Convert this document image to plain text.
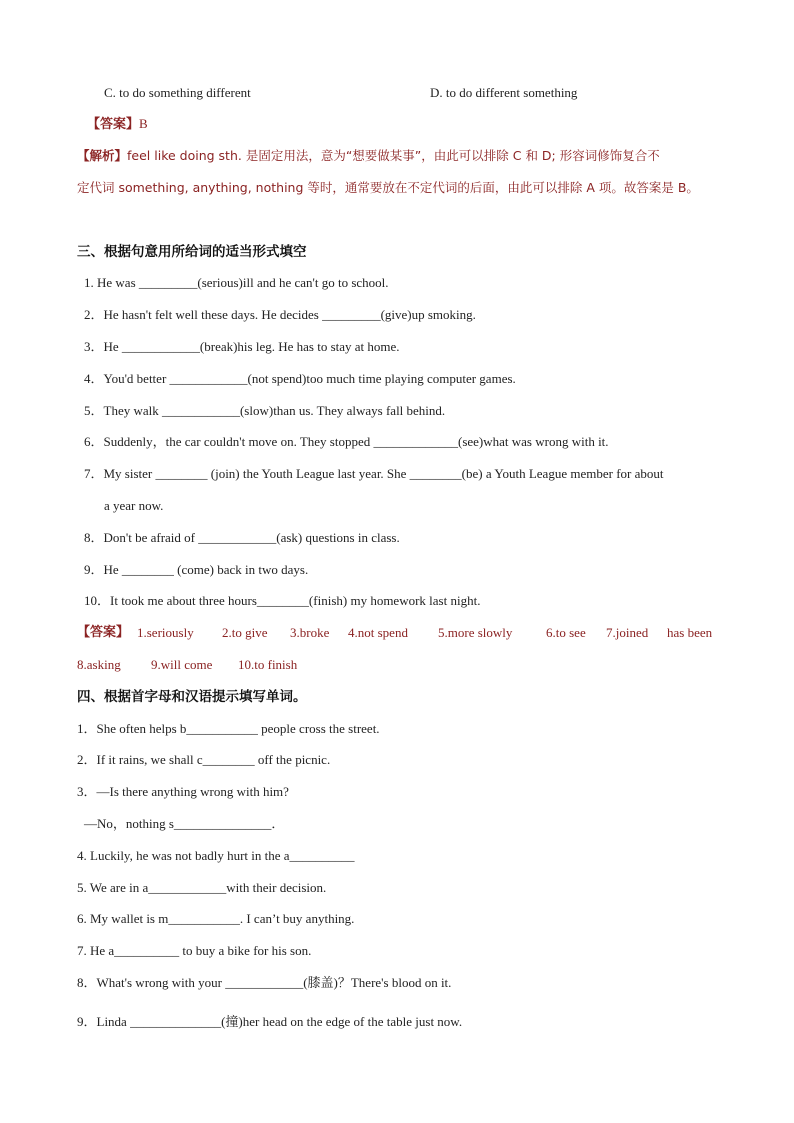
C. to do something different	D. to do different something
【答案】B
【解析】feel like doing sth. 是固定用法，意为“想要做某事”，由此可以排除 C 和 D; 形容词修饰复合不
定代词 something, anything, nothing 等时，通常要放在不定代词的后面，由此可以排除 A 项。故答案是 B。
三、根据句意用所给词的适当形式填空
1. He was _________(serious)ill and he can't go to school.
2．He hasn't felt well these days. He decides _________(give)up smoking.
3．He ____________(break)his leg. He has to stay at home.
4．You'd better ____________(not spend)too much time playing computer games.
5．They walk ____________(slow)than us. They always fall behind.
6．Suddenly，the car couldn't move on. They stopped _____________(see)what was wrong with it.
7．My sister ________ (join) the Youth League last year. She ________(be) a Youth League member for about
a year now.
8．Don't be afraid of ____________(ask) questions in class.
9．He ________ (come) back in two days.
10．It took me about three hours________(finish) my homework last night.
【答案】 1.seriously 2.to give 3.broke 4.not spend 5.more slowly	6.to see 7.joined has been
8.asking 9.will come 10.to finish
四、根据首字母和汉语提示填写单词。
1．She often helps b___________ people cross the street.
2．If it rains, we shall c________ off the picnic.
3．—Is there anything wrong with him?
—No，nothing s_______________．
4. Luckily, he was not badly hurt in the a__________
5. We are in a____________with their decision.
6. My wallet is m___________. I can’t buy anything.
7. He a__________ to buy a bike for his son.
8．What's wrong with your ____________(膝盖)？There's blood on it.
9．Linda ______________(撞)her head on the edge of the table just now.
